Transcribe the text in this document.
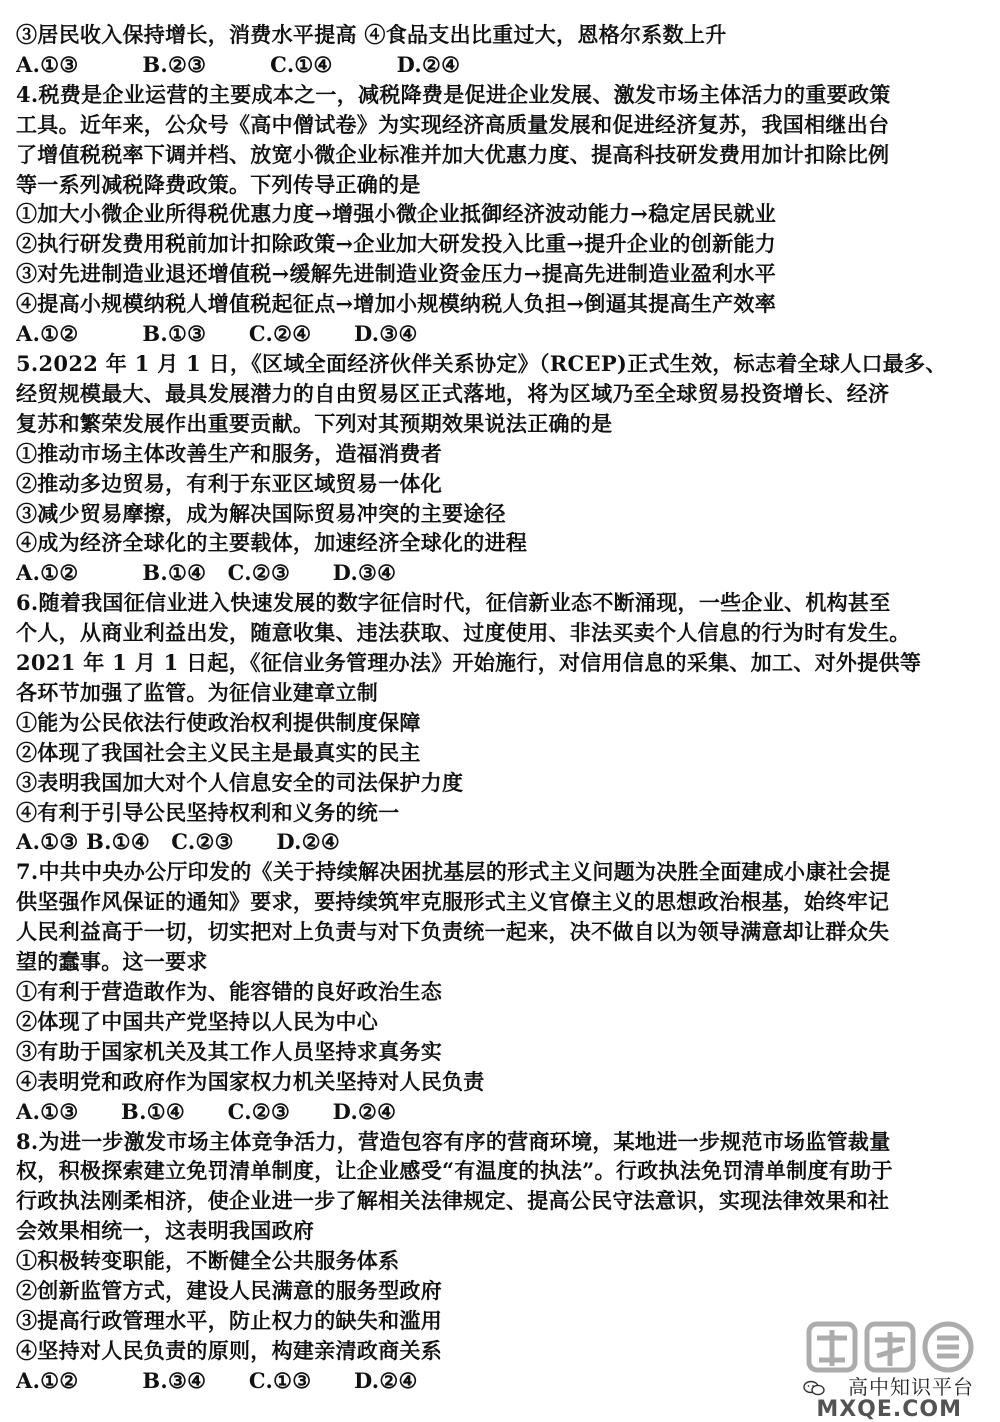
③居民收入保持增长，消费水平提高 ④食品支出比重过大，恩格尔系数上升
A.①③　　　B.②③　　　C.①④　　　D.②④
4.税费是企业运营的主要成本之一，减税降费是促进企业发展、激发市场主体活力的重要政策
工具。近年来，公众号《高中僧试卷》为实现经济高质量发展和促进经济复苏，我国相继出台
了增值税税率下调并档、放宽小微企业标准并加大优惠力度、提高科技研发费用加计扣除比例
等一系列减税降费政策。下列传导正确的是
①加大小微企业所得税优惠力度→增强小微企业抵御经济波动能力→稳定居民就业
②执行研发费用税前加计扣除政策→企业加大研发投入比重→提升企业的创新能力
③对先进制造业退还增值税→缓解先进制造业资金压力→提高先进制造业盈利水平
④提高小规模纳税人增值税起征点→增加小规模纳税人负担→倒逼其提高生产效率
A.①②　　　B.①③　　C.②④　　D.③④
5.2022 年 1 月 1 日，《区域全面经济伙伴关系协定》（RCEP)正式生效，标志着全球人口最多、
经贸规模最大、最具发展潜力的自由贸易区正式落地，将为区域乃至全球贸易投资增长、经济
复苏和繁荣发展作出重要贡献。下列对其预期效果说法正确的是
①推动市场主体改善生产和服务，造福消费者
②推动多边贸易，有利于东亚区域贸易一体化
③减少贸易摩擦，成为解决国际贸易冲突的主要途径
④成为经济全球化的主要载体，加速经济全球化的进程
A.①②　　　B.①④　C.②③　　D.③④
6.随着我国征信业进入快速发展的数字征信时代，征信新业态不断涌现，一些企业、机构甚至
个人，从商业利益出发，随意收集、违法获取、过度使用、非法买卖个人信息的行为时有发生。
2021 年 1 月 1 日起，《征信业务管理办法》开始施行，对信用信息的采集、加工、对外提供等
各环节加强了监管。为征信业建章立制
①能为公民依法行使政治权利提供制度保障
②体现了我国社会主义民主是最真实的民主
③表明我国加大对个人信息安全的司法保护力度
④有利于引导公民坚持权利和义务的统一
A.①③ B.①④　C.②③　　D.②④
7.中共中央办公厅印发的《关于持续解决困扰基层的形式主义问题为决胜全面建成小康社会提
供坚强作风保证的通知》要求，要持续筑牢克服形式主义官僚主义的思想政治根基，始终牢记
人民利益高于一切，切实把对上负责与对下负责统一起来，决不做自以为领导满意却让群众失
望的蠢事。这一要求
①有利于营造敢作为、能容错的良好政治生态
②体现了中国共产党坚持以人民为中心
③有助于国家机关及其工作人员坚持求真务实
④表明党和政府作为国家权力机关坚持对人民负责
A.①③　　B.①④　　C.②③　　D.②④
8.为进一步激发市场主体竞争活力，营造包容有序的营商环境，某地进一步规范市场监管裁量
权，积极探索建立免罚清单制度，让企业感受“有温度的执法”。行政执法免罚清单制度有助于
行政执法刚柔相济，使企业进一步了解相关法律规定、提高公民守法意识，实现法律效果和社
会效果相统一，这表明我国政府
①积极转变职能，不断健全公共服务体系
②创新监管方式，建设人民满意的服务型政府
③提高行政管理水平，防止权力的缺失和滥用
④坚持对人民负责的原则，构建亲清政商关系
A.①②　　　B.③④　　C.①③　　D.②④	高中知识平台
MXQE.COM
